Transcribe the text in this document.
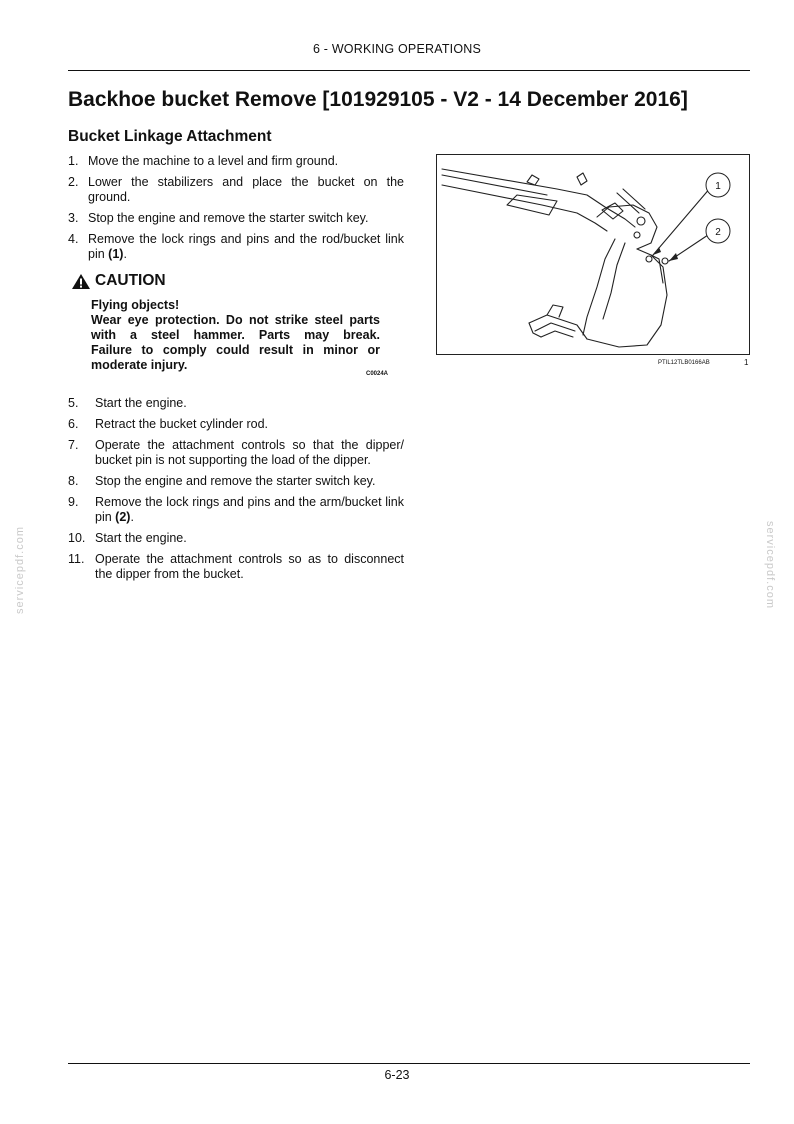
6 - WORKING OPERATIONS
Backhoe bucket Remove [101929105 - V2 - 14 December 2016]
Bucket Linkage Attachment
1. Move the machine to a level and firm ground.
2. Lower the stabilizers and place the bucket on the ground.
3. Stop the engine and remove the starter switch key.
4. Remove the lock rings and pins and the rod/bucket link pin (1).
CAUTION
Flying objects!
Wear eye protection. Do not strike steel parts
with a steel hammer. Parts may break.
Failure to comply could result in minor or
moderate injury.
C0024A
5. Start the engine.
6. Retract the bucket cylinder rod.
7. Operate the attachment controls so that the dipper/ bucket pin is not supporting the load of the dipper.
8. Stop the engine and remove the starter switch key.
9. Remove the lock rings and pins and the arm/bucket link pin (2).
10. Start the engine.
11. Operate the attachment controls so as to disconnect the dipper from the bucket.
1
2
PTIL12TLB0166AB	1
servicepdf.com	servicepdf.com
6-23
